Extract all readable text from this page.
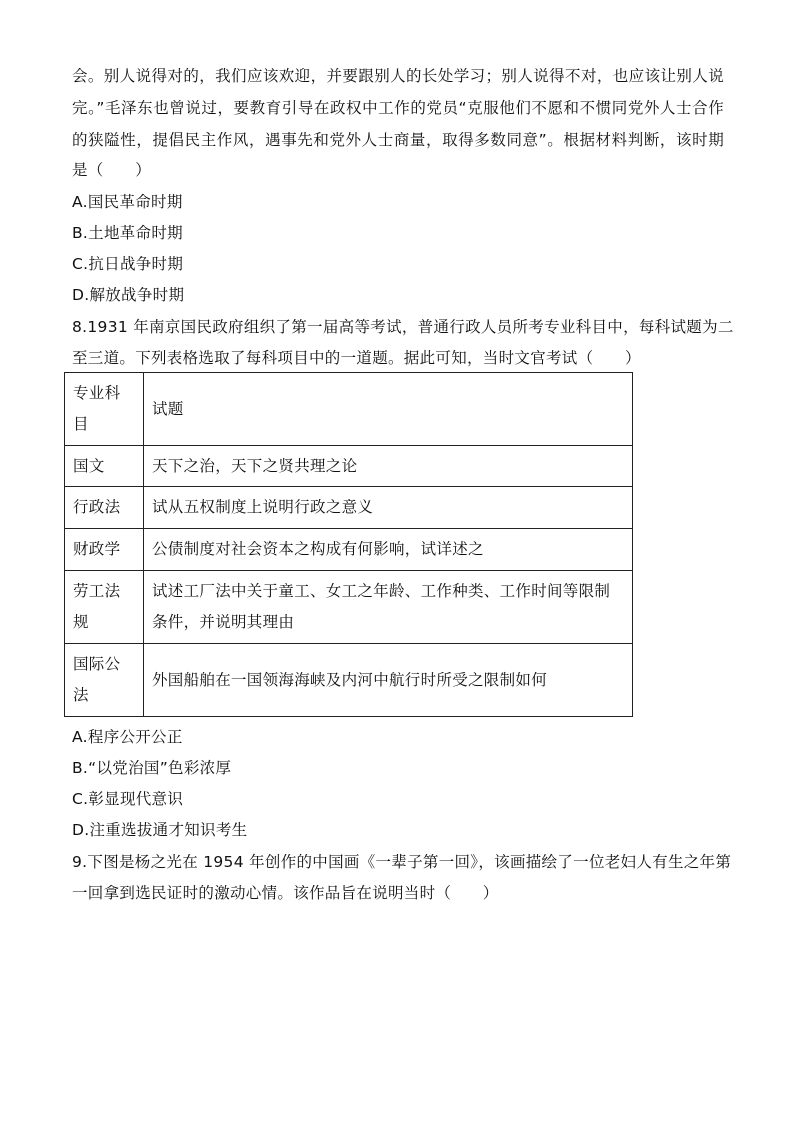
会。别人说得对的，我们应该欢迎，并要跟别人的长处学习；别人说得不对，也应该让别人说
完。”毛泽东也曾说过，要教育引导在政权中工作的党员“克服他们不愿和不惯同党外人士合作
的狭隘性，提倡民主作风，遇事先和党外人士商量，取得多数同意”。根据材料判断，该时期
是（　　）
A.国民革命时期
B.土地革命时期
C.抗日战争时期
D.解放战争时期
8.1931 年南京国民政府组织了第一届高等考试，普通行政人员所考专业科目中，每科试题为二
至三道。下列表格选取了每科项目中的一道题。据此可知，当时文官考试（　　）
专业科目	试题
国文	天下之治，天下之贤共理之论
行政法	试从五权制度上说明行政之意义
财政学	公债制度对社会资本之构成有何影响，试详述之
劳工法规	试述工厂法中关于童工、女工之年龄、工作种类、工作时间等限制条件，并说明其理由
国际公法	外国船舶在一国领海海峡及内河中航行时所受之限制如何
A.程序公开公正
B.“以党治国”色彩浓厚
C.彰显现代意识
D.注重选拔通才知识考生
9.下图是杨之光在 1954 年创作的中国画《一辈子第一回》，该画描绘了一位老妇人有生之年第
一回拿到选民证时的激动心情。该作品旨在说明当时（　　）
